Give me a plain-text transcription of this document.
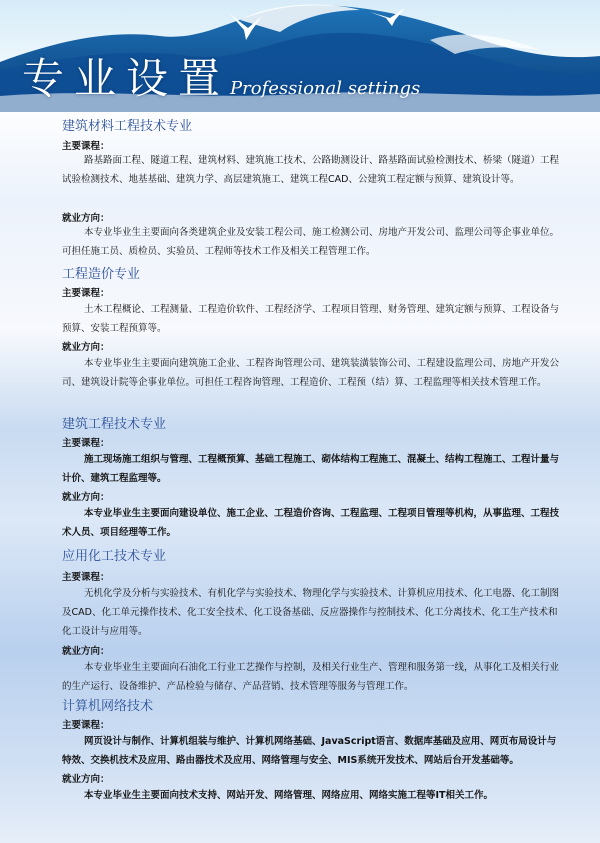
专业设置 Professional settings
建筑材料工程技术专业
主要课程：

路基路面工程、隧道工程、建筑材料、建筑施工技术、公路勘测设计、路基路面试验检测技术、桥梁（隧道）工程试验检测技术、地基基础、建筑力学、高层建筑施工、建筑工程CAD、公建筑工程定额与预算、建筑设计等。

就业方向：

本专业毕业生主要面向各类建筑企业及安装工程公司、施工检测公司、房地产开发公司、监理公司等企事业单位。可担任施工员、质检员、实验员、工程师等技术工作及相关工程管理工作。

工程造价专业
主要课程：

土木工程概论、工程测量、工程造价软件、工程经济学、工程项目管理、财务管理、建筑定额与预算、工程设备与预算、安装工程预算等。

就业方向：

本专业毕业生主要面向建筑施工企业、工程咨询管理公司、建筑装潢装饰公司、工程建设监理公司、房地产开发公司、建筑设计院等企事业单位。可担任工程咨询管理、工程造价、工程预（结）算、工程监理等相关技术管理工作。

建筑工程技术专业
主要课程：

施工现场施工组织与管理、工程概预算、基础工程施工、砌体结构工程施工、混凝土、结构工程施工、工程计量与计价、建筑工程监理等。

就业方向：

本专业毕业生主要面向建设单位、施工企业、工程造价咨询、工程监理、工程项目管理等机构，从事监理、工程技术人员、项目经理等工作。

应用化工技术专业
主要课程：

无机化学及分析与实验技术、有机化学与实验技术、物理化学与实验技术、计算机应用技术、化工电器、化工制图及CAD、化工单元操作技术、化工安全技术、化工设备基础、反应器操作与控制技术、化工分离技术、化工生产技术和化工设计与应用等。

就业方向：

本专业毕业生主要面向石油化工行业工艺操作与控制，及相关行业生产、管理和服务第一线，从事化工及相关行业的生产运行、设备维护、产品检验与储存、产品营销、技术管理等服务与管理工作。

计算机网络技术
主要课程：

网页设计与制作、计算机组装与维护、计算机网络基础、JavaScript语言、数据库基础及应用、网页布局设计与特效、交换机技术及应用、路由器技术及应用、网络管理与安全、MIS系统开发技术、网站后台开发基础等。

就业方向：

本专业毕业生主要面向技术支持、网站开发、网络管理、网络应用、网络实施工程等IT相关工作。
